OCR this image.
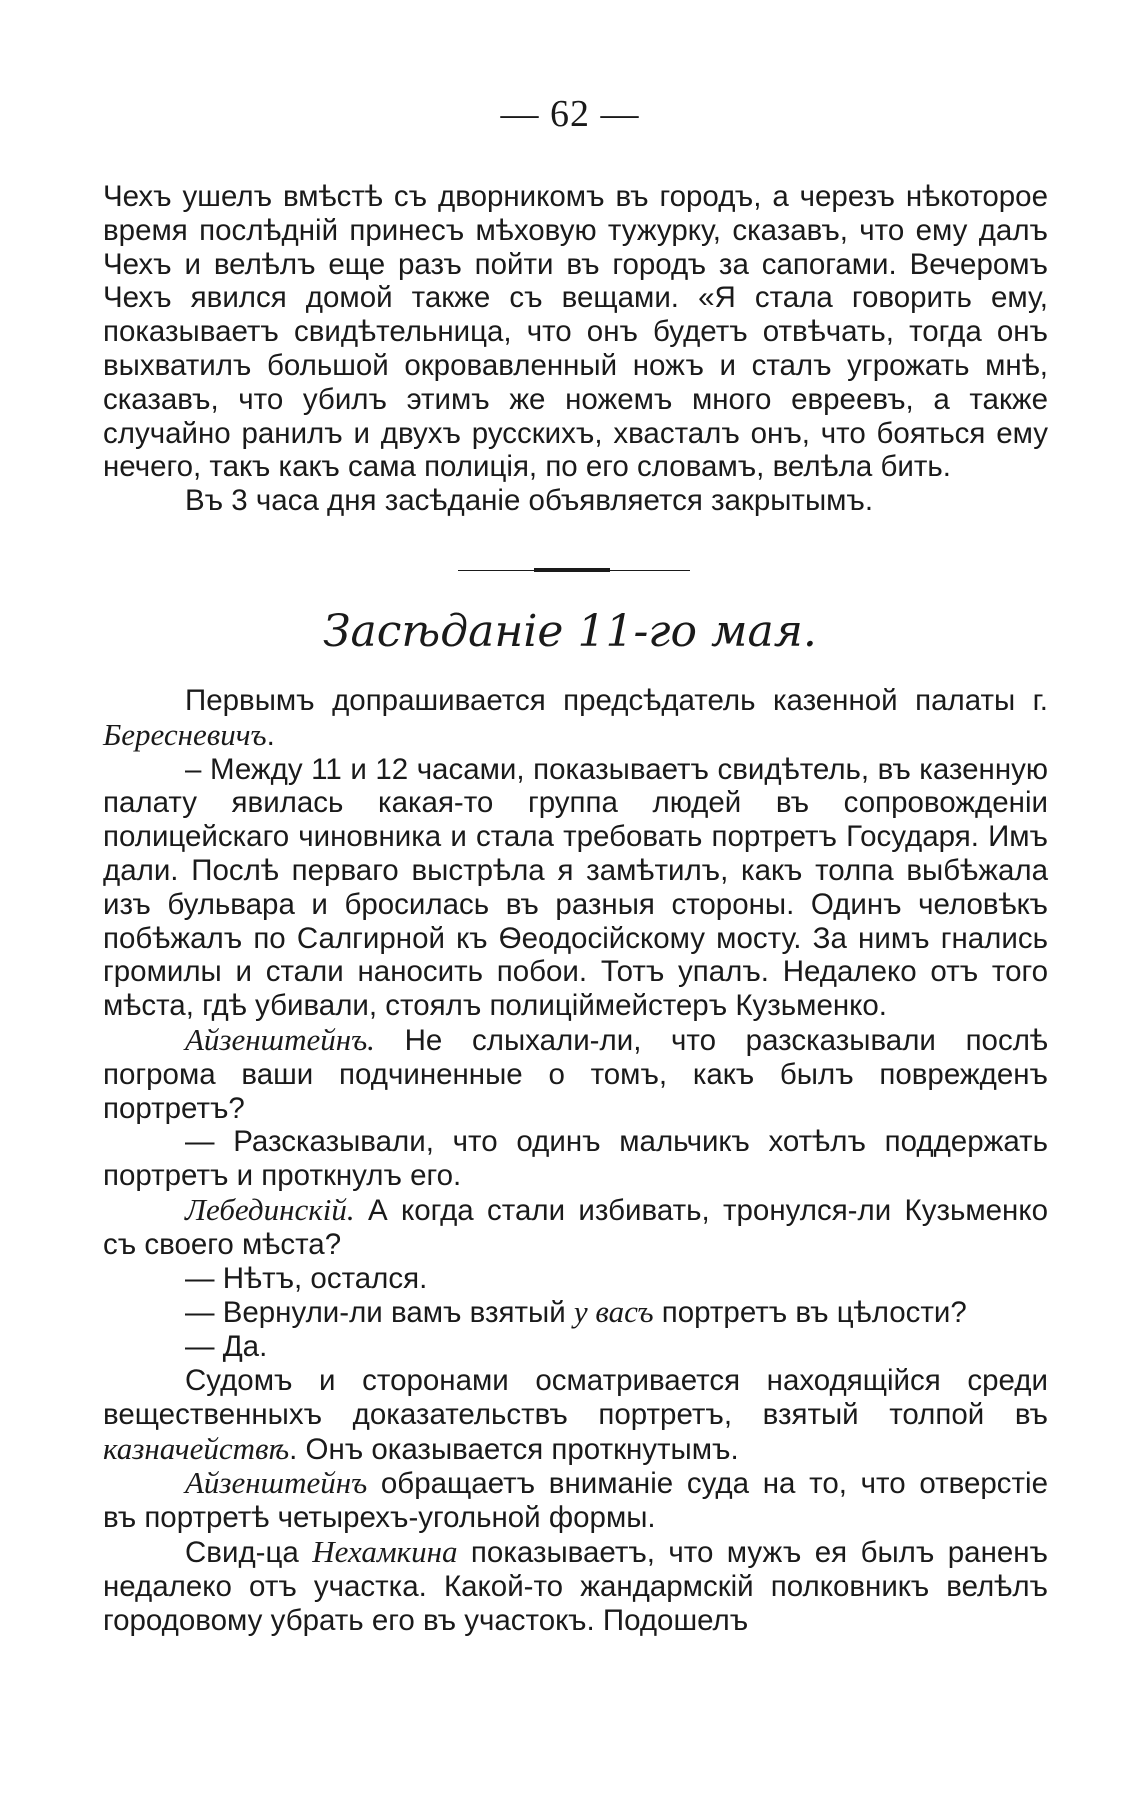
— 62 —

Чехъ ушелъ вмѣстѣ съ дворникомъ въ городъ, а черезъ нѣкоторое время послѣднiй принесъ мѣховую тужурку, сказавъ, что ему далъ Чехъ и велѣлъ еще разъ пойти въ городъ за сапогами. Вечеромъ Чехъ явился домой также съ вещами. «Я стала говорить ему, показываетъ свидѣтельница, что онъ будетъ отвѣчать, тогда онъ выхватилъ большой окровавленный ножъ и сталъ угрожать мнѣ, сказавъ, что убилъ этимъ же ножемъ много евреевъ, а также случайно ранилъ и двухъ русскихъ, хвасталъ онъ, что бояться ему нечего, такъ какъ сама полицiя, по его словамъ, велѣла бить.

Въ 3 часа дня засѣданiе объявляется закрытымъ.

Засѣданiе 11-го мая.

Первымъ допрашивается предсѣдатель казенной палаты г. Бересневичъ.

– Между 11 и 12 часами, показываетъ свидѣтель, въ казенную палату явилась какая-то группа людей въ сопровожденiи полицейскаго чиновника и стала требовать портретъ Государя. Имъ дали. Послѣ перваго выстрѣла я замѣтилъ, какъ толпа выбѣжала изъ бульвара и бросилась въ разныя стороны. Одинъ человѣкъ побѣжалъ по Салгирной къ Ѳеодосiйскому мосту. За нимъ гнались громилы и стали наносить побои. Тотъ упалъ. Недалеко отъ того мѣста, гдѣ убивали, стоялъ полицiймейстеръ Кузьменко.

Айзенштейнъ. Не слыхали-ли, что разсказывали послѣ погрома ваши подчиненные о томъ, какъ былъ поврежденъ портретъ?

— Разсказывали, что одинъ мальчикъ хотѣлъ поддержать портретъ и проткнулъ его.

Лебединскiй. А когда стали избивать, тронулся-ли Кузьменко съ своего мѣста?

— Нѣтъ, остался.

— Вернули-ли вамъ взятый у васъ портретъ въ цѣлости?

— Да.

Судомъ и сторонами осматривается находящiйся среди вещественныхъ доказательствъ портретъ, взятый толпой въ казначействѣ. Онъ оказывается проткнутымъ.

Айзенштейнъ обращаетъ вниманiе суда на то, что отверстiе въ портретѣ четырехъ-угольной формы.

Свид-ца Нехамкина показываетъ, что мужъ ея былъ раненъ недалеко отъ участка. Какой-то жандармскiй полковникъ велѣлъ городовому убрать его въ участокъ. Подошелъ
